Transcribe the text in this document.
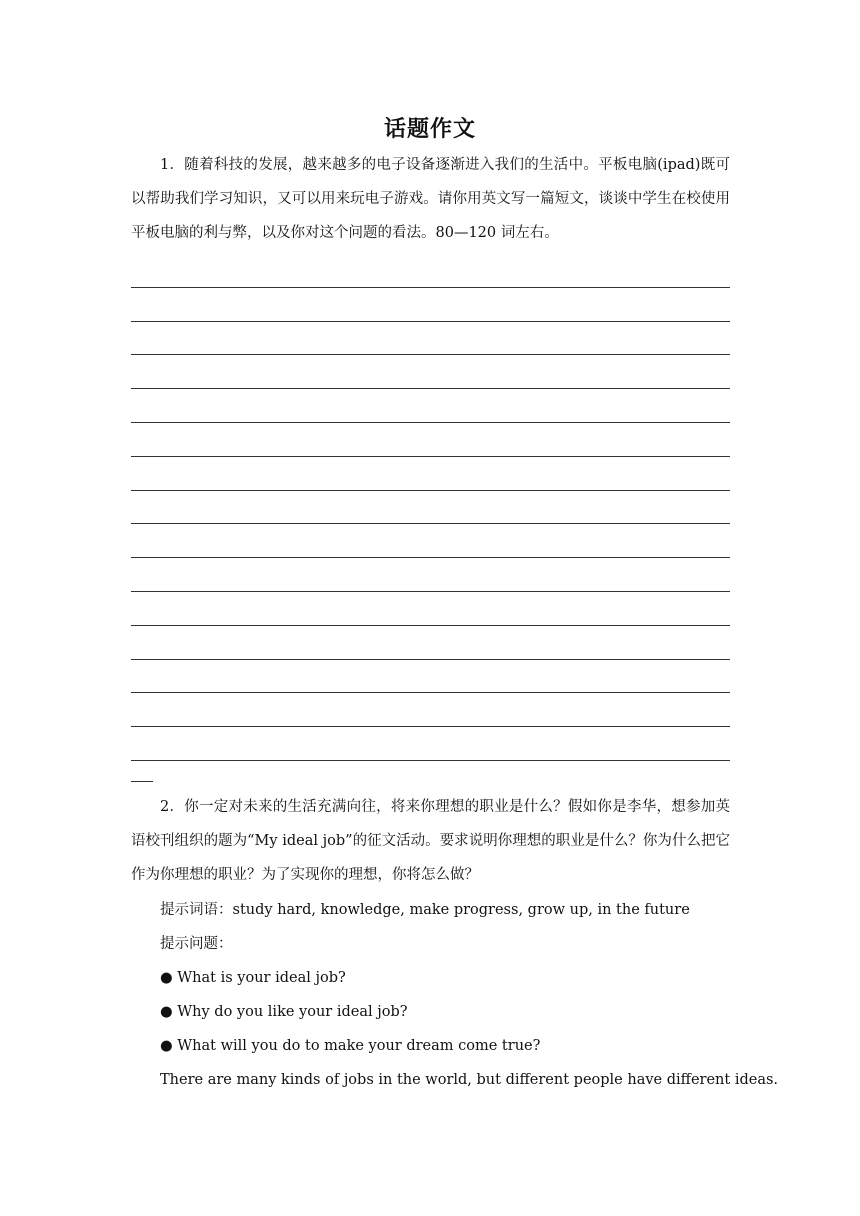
话题作文
1．随着科技的发展，越来越多的电子设备逐渐进入我们的生活中。平板电脑(ipad)既可以帮助我们学习知识，又可以用来玩电子游戏。请你用英文写一篇短文，谈谈中学生在校使用平板电脑的利与弊，以及你对这个问题的看法。80—120 词左右。
2．你一定对未来的生活充满向往，将来你理想的职业是什么？假如你是李华，想参加英语校刊组织的题为“My ideal job”的征文活动。要求说明你理想的职业是什么？你为什么把它作为你理想的职业？为了实现你的理想，你将怎么做？
提示词语：study hard, knowledge, make progress, grow up, in the future
提示问题：
● What is your ideal job?
● Why do you like your ideal job?
● What will you do to make your dream come true?
There are many kinds of jobs in the world, but different people have different ideas.
